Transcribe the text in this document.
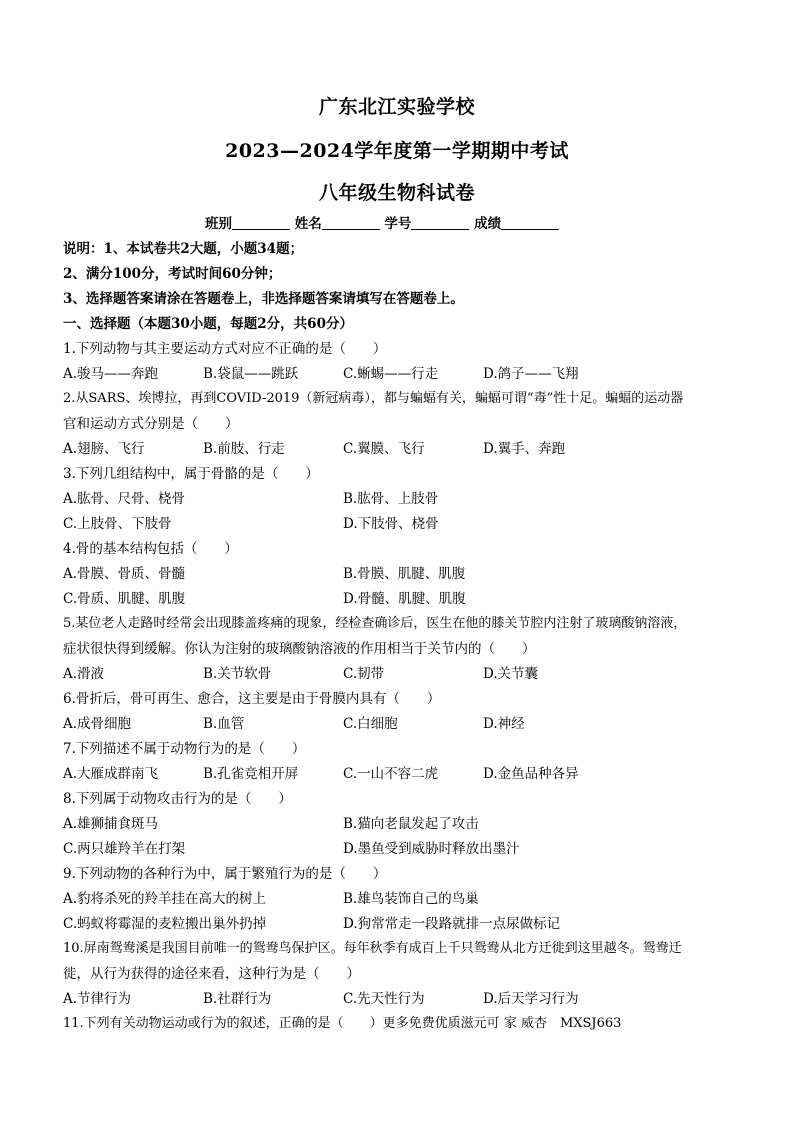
广东北江实验学校
2023—2024学年度第一学期期中考试
八年级生物科试卷
班别	姓名	学号	成绩
说明：1、本试卷共2大题，小题34题；
2、满分100分，考试时间60分钟；
3、选择题答案请涂在答题卷上，非选择题答案请填写在答题卷上。
一、选择题（本题30小题，每题2分，共60分）
1.下列动物与其主要运动方式对应不正确的是（　　）
A.骏马——奔跑	B.袋鼠——跳跃	C.蜥蜴——行走	D.鸽子——飞翔
2.从SARS、埃博拉，再到COVID-2019（新冠病毒），都与蝙蝠有关，蝙蝠可谓“毒”性十足。蝙蝠的运动器
官和运动方式分别是（　　）
A.翅膀、飞行	B.前肢、行走	C.翼膜、飞行	D.翼手、奔跑
3.下列几组结构中，属于骨骼的是（　　）
A.肱骨、尺骨、桡骨	B.肱骨、上肢骨
C.上肢骨、下肢骨	D.下肢骨、桡骨
4.骨的基本结构包括（　　）
A.骨膜、骨质、骨髓	B.骨膜、肌腱、肌腹
C.骨质、肌腱、肌腹	D.骨髓、肌腱、肌腹
5.某位老人走路时经常会出现膝盖疼痛的现象，经检查确诊后，医生在他的膝关节腔内注射了玻璃酸钠溶液，
症状很快得到缓解。你认为注射的玻璃酸钠溶液的作用相当于关节内的（　　）
A.滑液	B.关节软骨	C.韧带	D.关节囊
6.骨折后，骨可再生、愈合，这主要是由于骨膜内具有（　　）
A.成骨细胞	B.血管	C.白细胞	D.神经
7.下列描述不属于动物行为的是（　　）
A.大雁成群南飞	B.孔雀竞相开屏	C.一山不容二虎	D.金鱼品种各异
8.下列属于动物攻击行为的是（　　）
A.雄狮捕食斑马	B.猫向老鼠发起了攻击
C.两只雄羚羊在打架	D.墨鱼受到威胁时释放出墨汁
9.下列动物的各种行为中，属于繁殖行为的是（　　）
A.豹将杀死的羚羊挂在高大的树上	B.雄鸟装饰自己的鸟巢
C.蚂蚁将霉湿的麦粒搬出巢外扔掉	D.狗常常走一段路就排一点尿做标记
10.屏南鸳鸯溪是我国目前唯一的鸳鸯鸟保护区。每年秋季有成百上千只鸳鸯从北方迁徙到这里越冬。鸳鸯迁
徙，从行为获得的途径来看，这种行为是（　　）
A.节律行为	B.社群行为	C.先天性行为	D.后天学习行为
11.下列有关动物运动或行为的叙述，正确的是（　　）更多免费优质滋元可 家 威杏　MXSJ663
